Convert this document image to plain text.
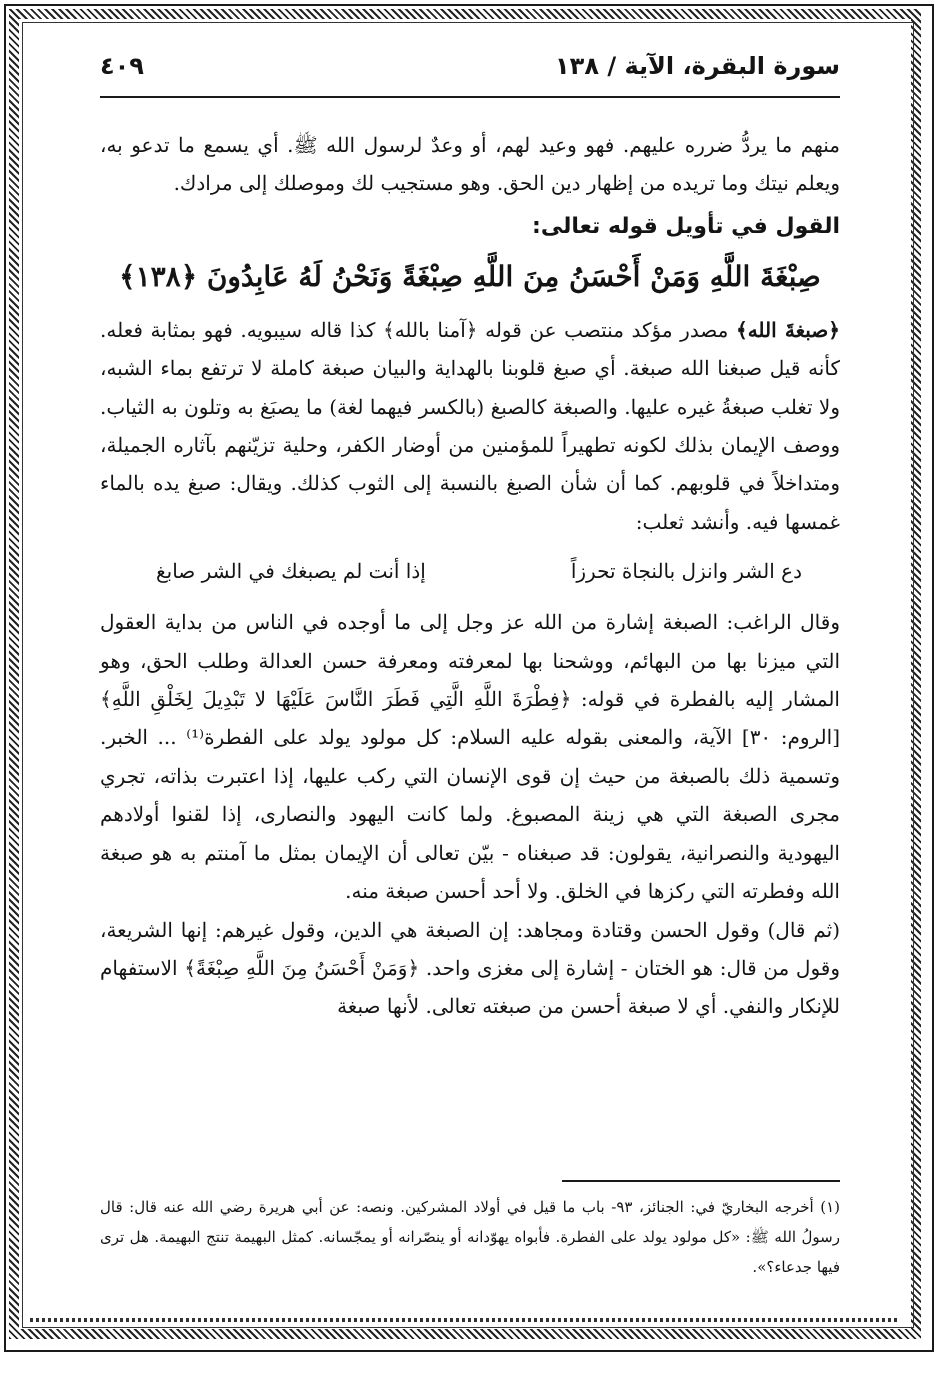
سورة البقرة، الآية / ١٣٨
٤٠٩

منهم ما يردُّ ضرره عليهم. فهو وعيد لهم، أو وعدٌ لرسول الله ﷺ. أي يسمع ما تدعو به، ويعلم نيتك وما تريده من إظهار دين الحق. وهو مستجيب لك وموصلك إلى مرادك.

القول في تأويل قوله تعالى:
صِبْغَةَ اللَّهِ وَمَنْ أَحْسَنُ مِنَ اللَّهِ صِبْغَةً وَنَحْنُ لَهُ عَابِدُونَ ﴿١٣٨﴾

﴿صبغةَ الله﴾ مصدر مؤكد منتصب عن قوله ﴿آمنا بالله﴾ كذا قاله سيبويه. فهو بمثابة فعله. كأنه قيل صبغنا الله صبغة. أي صبغ قلوبنا بالهداية والبيان صبغة كاملة لا ترتفع بماء الشبه، ولا تغلب صبغةُ غيره عليها. والصبغة كالصبغ (بالكسر فيهما لغة) ما يصبَغ به وتلون به الثياب. ووصف الإيمان بذلك لكونه تطهيراً للمؤمنين من أوضار الكفر، وحلية تزيّنهم بآثاره الجميلة، ومتداخلاً في قلوبهم. كما أن شأن الصبغ بالنسبة إلى الثوب كذلك. ويقال: صبغ يده بالماء غمسها فيه. وأنشد ثعلب:

دع الشر وانزل بالنجاة تحرزاً
إذا أنت لم يصبغك في الشر صابغ

وقال الراغب: الصبغة إشارة من الله عز وجل إلى ما أوجده في الناس من بداية العقول التي ميزنا بها من البهائم، ووشحنا بها لمعرفته ومعرفة حسن العدالة وطلب الحق، وهو المشار إليه بالفطرة في قوله: ﴿فِطْرَةَ اللَّهِ الَّتِي فَطَرَ النَّاسَ عَلَيْهَا لا تَبْدِيلَ لِخَلْقِ اللَّهِ﴾ [الروم: ٣٠] الآية، والمعنى بقوله عليه السلام: كل مولود يولد على الفطرة⁽¹⁾ ... الخبر. وتسمية ذلك بالصبغة من حيث إن قوى الإنسان التي ركب عليها، إذا اعتبرت بذاته، تجري مجرى الصبغة التي هي زينة المصبوغ. ولما كانت اليهود والنصارى، إذا لقنوا أولادهم اليهودية والنصرانية، يقولون: قد صبغناه - بيّن تعالى أن الإيمان بمثل ما آمنتم به هو صبغة الله وفطرته التي ركزها في الخلق. ولا أحد أحسن صبغة منه.

(ثم قال) وقول الحسن وقتادة ومجاهد: إن الصبغة هي الدين، وقول غيرهم: إنها الشريعة، وقول من قال: هو الختان - إشارة إلى مغزى واحد. ﴿وَمَنْ أَحْسَنُ مِنَ اللَّهِ صِبْغَةً﴾ الاستفهام للإنكار والنفي. أي لا صبغة أحسن من صبغته تعالى. لأنها صبغة

(١) أخرجه البخاريّ في: الجنائز، ٩٣- باب ما قيل في أولاد المشركين. ونصه: عن أبي هريرة رضي الله عنه قال: قال رسولُ الله ﷺ: «كل مولود يولد على الفطرة. فأبواه يهوّدانه أو ينصّرانه أو يمجّسانه. كمثل البهيمة تنتج البهيمة. هل ترى فيها جدعاء؟».
